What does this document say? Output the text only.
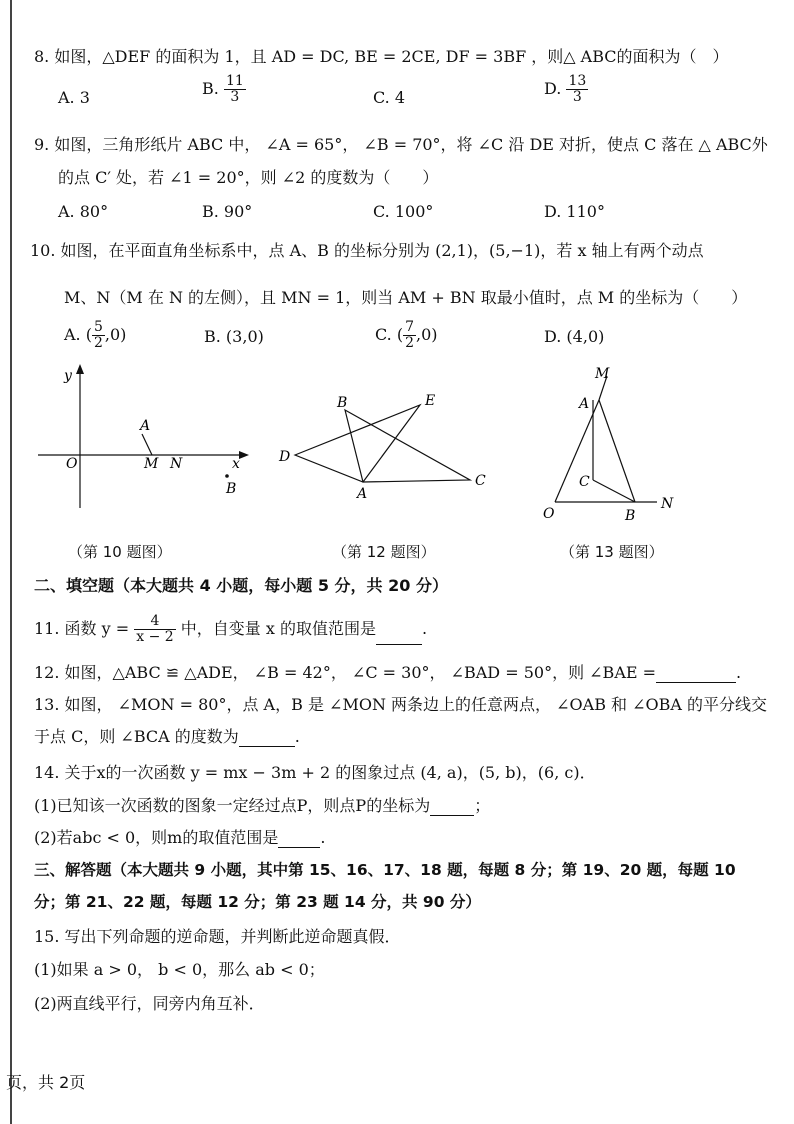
8. 如图，△DEF 的面积为 1，且 AD = DC, BE = 2CE, DF = 3BF ，则△ ABC的面积为（　）
A. 3	B. $\frac{11}{3}$	C. 4	D. $\frac{13}{3}$
9. 如图，三角形纸片 ABC 中， ∠A = 65°， ∠B = 70°，将 ∠C 沿 DE 对折，使点 C 落在 △ ABC外
的点 C′ 处，若 ∠1 = 20°，则 ∠2 的度数为（　　）
A. 80°	B. 90°	C. 100°	D. 110°
10. 如图，在平面直角坐标系中，点 A、B 的坐标分别为 (2,1)，(5,−1)，若 x 轴上有两个动点
M、N（M 在 N 的左侧），且 MN = 1，则当 AM + BN 取最小值时，点 M 的坐标为（　　）
A. ( $\frac{5}{2} ,0$)	B. (3,0)	C. ( $\frac{7}{2} ,0$)	D. (4,0)
y
O	x
A
M N
B
B	E
D
C
A
M
A
C
O	B
N
（第 10 题图）	（第 12 题图）	（第 13 题图）
二、填空题（本大题共 4 小题，每小题 5 分，共 20 分）
11. 函数 $y = \frac{4}{x - 2}$ 中，自变量 x 的取值范围是	.
12. 如图，△ABC ≌ △ADE， ∠B = 42°， ∠C = 30°， ∠BAD = 50°，则 ∠BAE =	.
13. 如图， ∠MON = 80°，点 A，B 是 ∠MON 两条边上的任意两点， ∠OAB 和 ∠OBA 的平分线交
于点 C，则 ∠BCA 的度数为	.
14. 关于x的一次函数 y = mx − 3m + 2 的图象过点 (4, a)，(5, b)，(6, c)．
(1)已知该一次函数的图象一定经过点P，则点P的坐标为	；
(2)若abc < 0，则m的取值范围是	.
三、解答题（本大题共 9 小题，其中第 15、16、17、18 题，每题 8 分；第 19、20 题，每题 10
分；第 21、22 题，每题 12 分；第 23 题 14 分，共 90 分）
15. 写出下列命题的逆命题，并判断此逆命题真假．
(1)如果 a > 0， b < 0，那么 ab < 0；
(2)两直线平行，同旁内角互补．
页，共 2页
